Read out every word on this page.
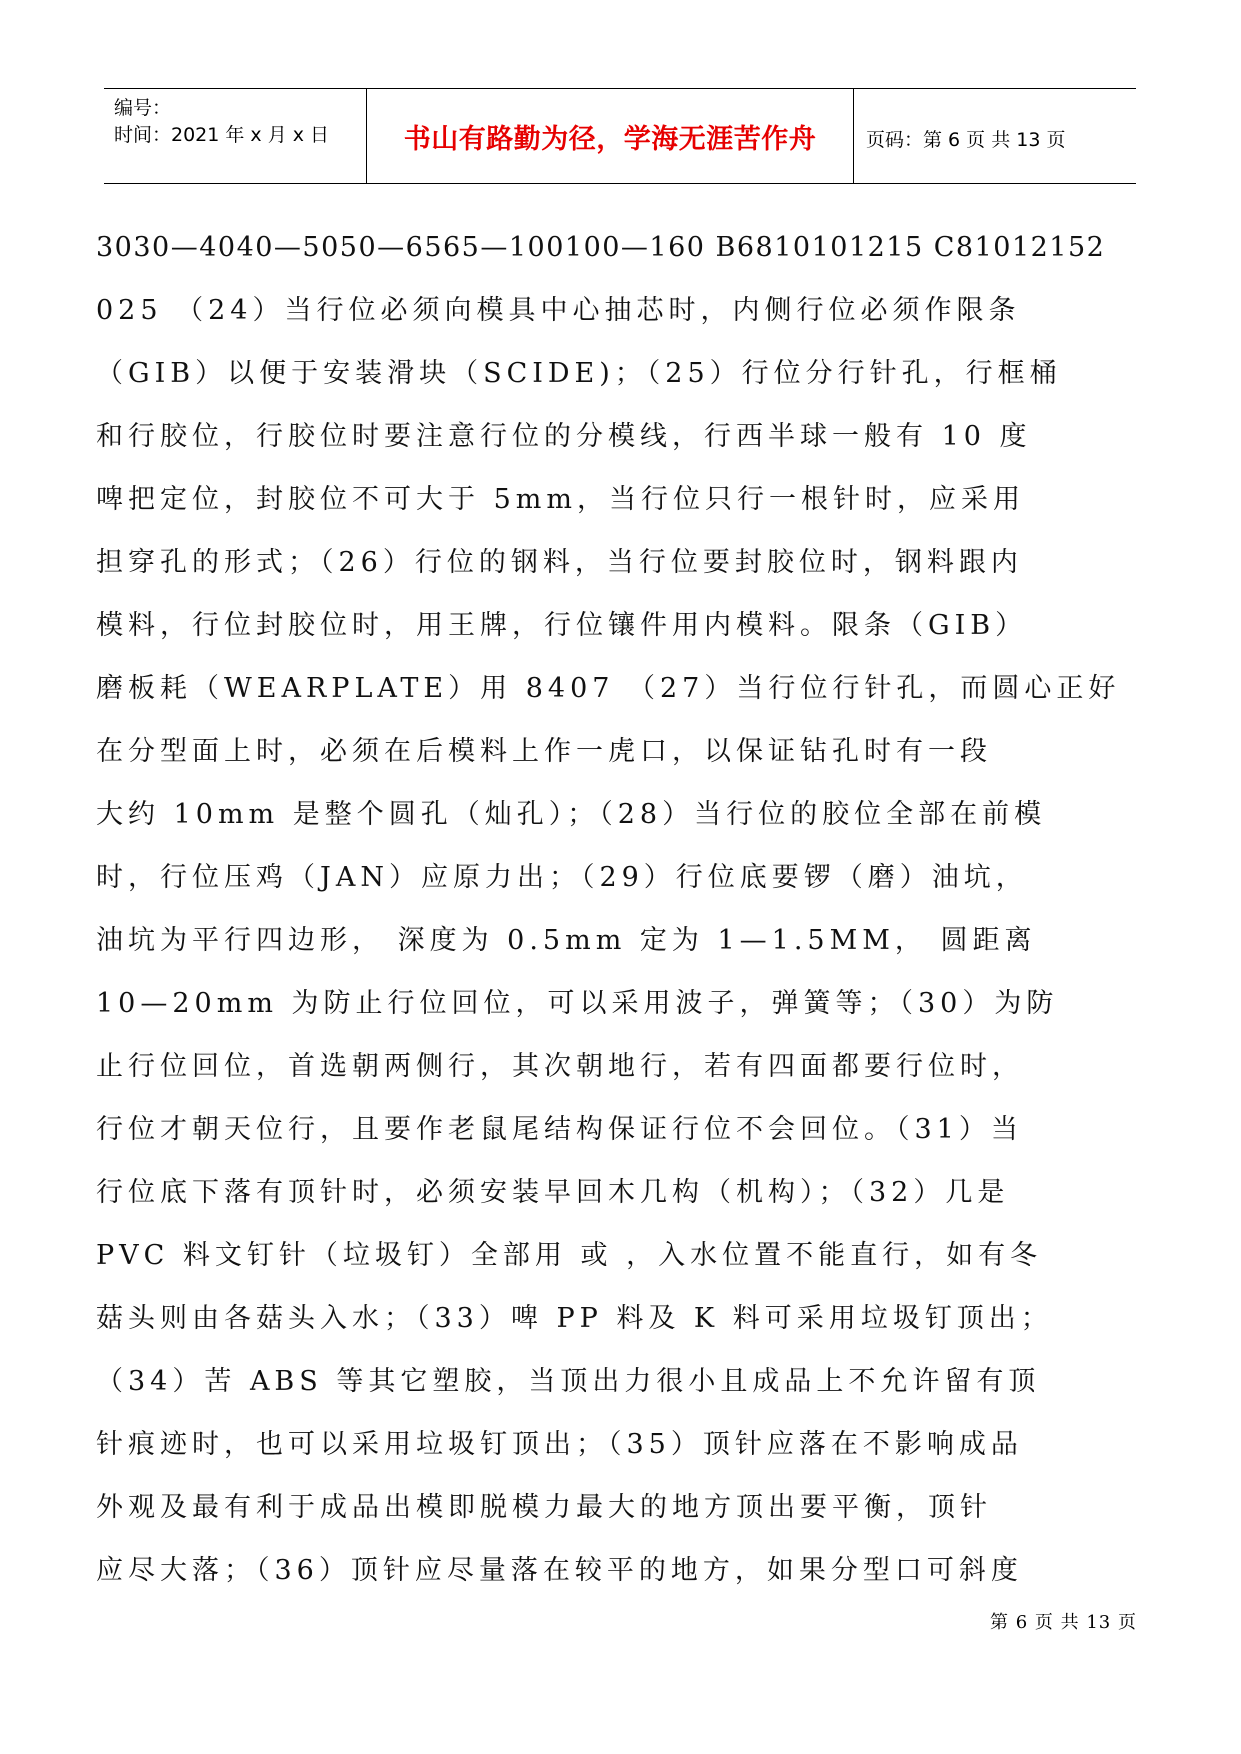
编号：
时间：2021 年 x 月 x 日	书山有路勤为径，学海无涯苦作舟	页码：第 6 页 共 13 页
3030—4040—5050—6565—100100—160 B6810101215 C81012152
025 （24）当行位必须向模具中心抽芯时，内侧行位必须作限条
（GIB）以便于安装滑块（SCIDE)；（25）行位分行针孔，行框桶
和行胶位，行胶位时要注意行位的分模线，行西半球一般有 10 度
啤把定位，封胶位不可大于 5mm，当行位只行一根针时，应采用
担穿孔的形式；（26）行位的钢料，当行位要封胶位时，钢料跟内
模料，行位封胶位时，用王牌，行位镶件用内模料。限条（GIB）
磨板耗（WEARPLATE）用 8407 （27）当行位行针孔，而圆心正好
在分型面上时，必须在后模料上作一虎口，以保证钻孔时有一段
大约 10mm 是整个圆孔（灿孔）；（28）当行位的胶位全部在前模
时，行位压鸡（JAN）应原力出；（29）行位底要锣（磨）油坑，
油坑为平行四边形， 深度为 0.5mm 定为 1—1.5MM， 圆距离
10—20mm 为防止行位回位，可以采用波子，弹簧等；（30）为防
止行位回位，首选朝两侧行，其次朝地行，若有四面都要行位时，
行位才朝天位行，且要作老鼠尾结构保证行位不会回位。（31）当
行位底下落有顶针时，必须安装早回木几构（机构）；（32）几是
PVC 料文钉针（垃圾钉）全部用 或 ，入水位置不能直行，如有冬
菇头则由各菇头入水；（33）啤 PP 料及 K 料可采用垃圾钉顶出；
（34）苦 ABS 等其它塑胶，当顶出力很小且成品上不允许留有顶
针痕迹时，也可以采用垃圾钉顶出；（35）顶针应落在不影响成品
外观及最有利于成品出模即脱模力最大的地方顶出要平衡，顶针
应尽大落；（36）顶针应尽量落在较平的地方，如果分型口可斜度
第 6 页 共 13 页
